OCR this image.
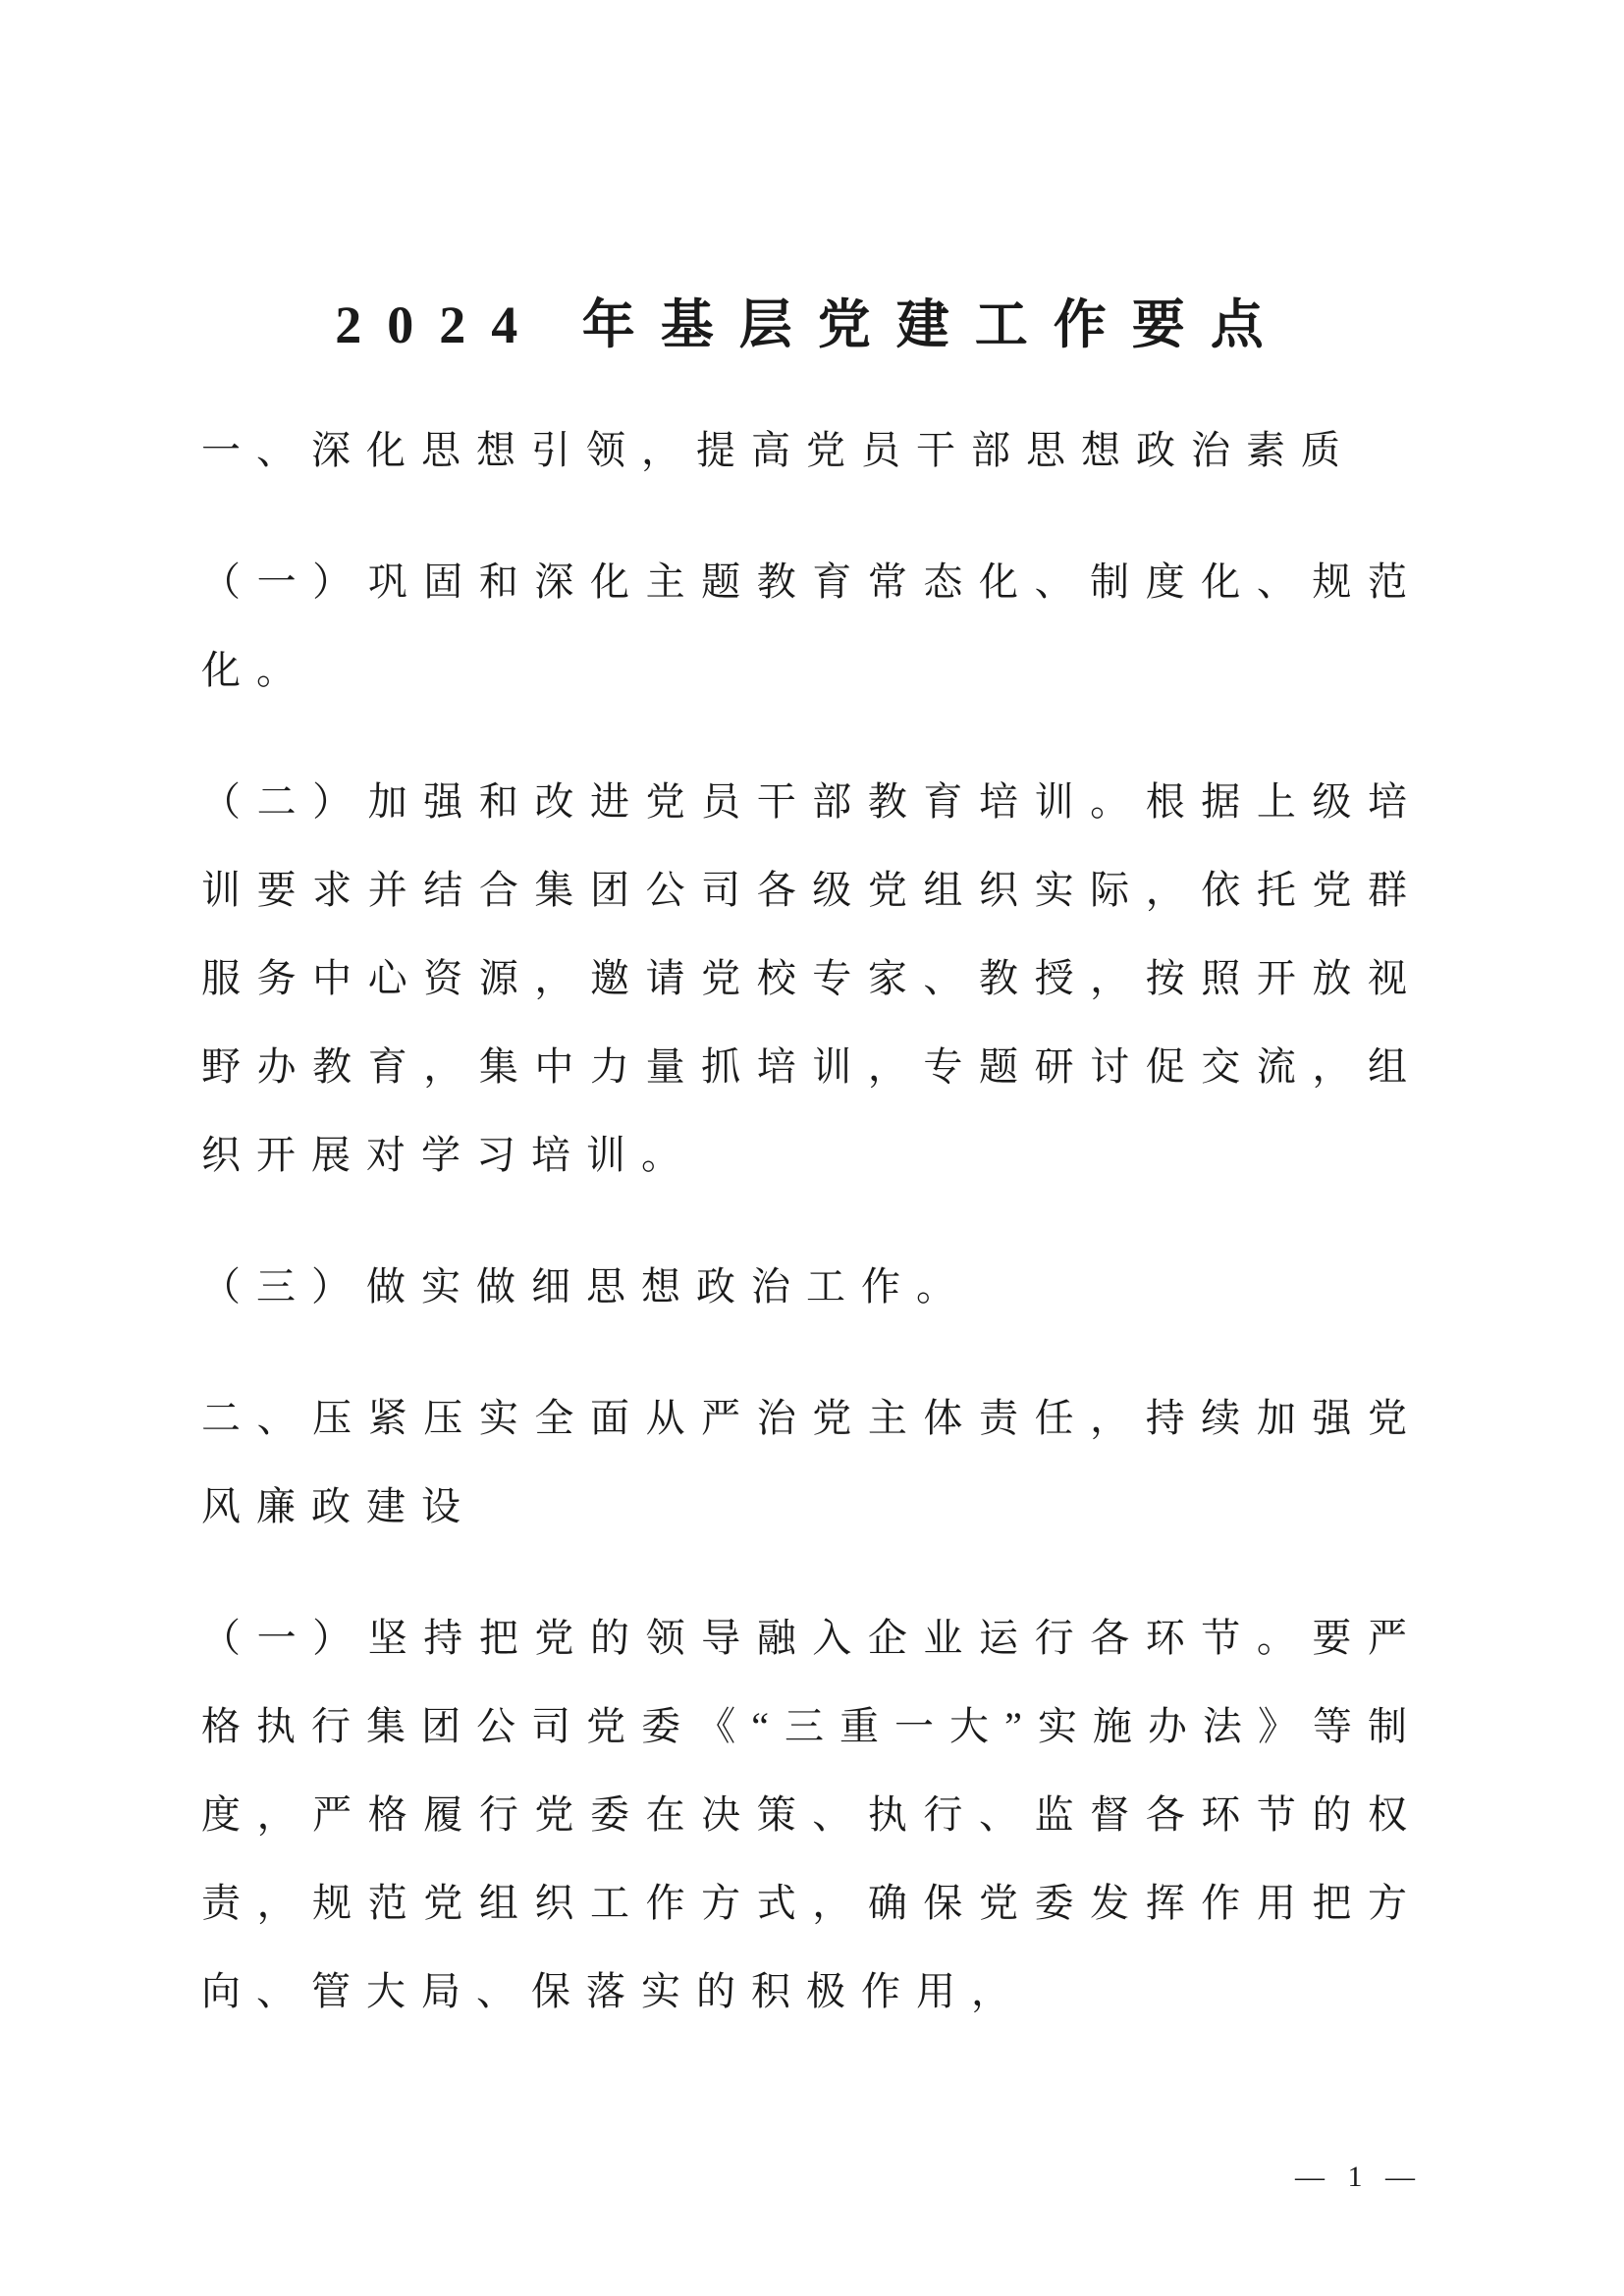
2024 年基层党建工作要点

一、深化思想引领，提高党员干部思想政治素质

（一）巩固和深化主题教育常态化、制度化、规范化。

（二）加强和改进党员干部教育培训。根据上级培训要求并结合集团公司各级党组织实际，依托党群服务中心资源，邀请党校专家、教授，按照开放视野办教育，集中力量抓培训，专题研讨促交流，组织开展对学习培训。

（三）做实做细思想政治工作。

二、压紧压实全面从严治党主体责任，持续加强党风廉政建设

（一）坚持把党的领导融入企业运行各环节。要严格执行集团公司党委《“三重一大”实施办法》等制度，严格履行党委在决策、执行、监督各环节的权责，规范党组织工作方式，确保党委发挥作用把方向、管大局、保落实的积极作用，

— 1 —
